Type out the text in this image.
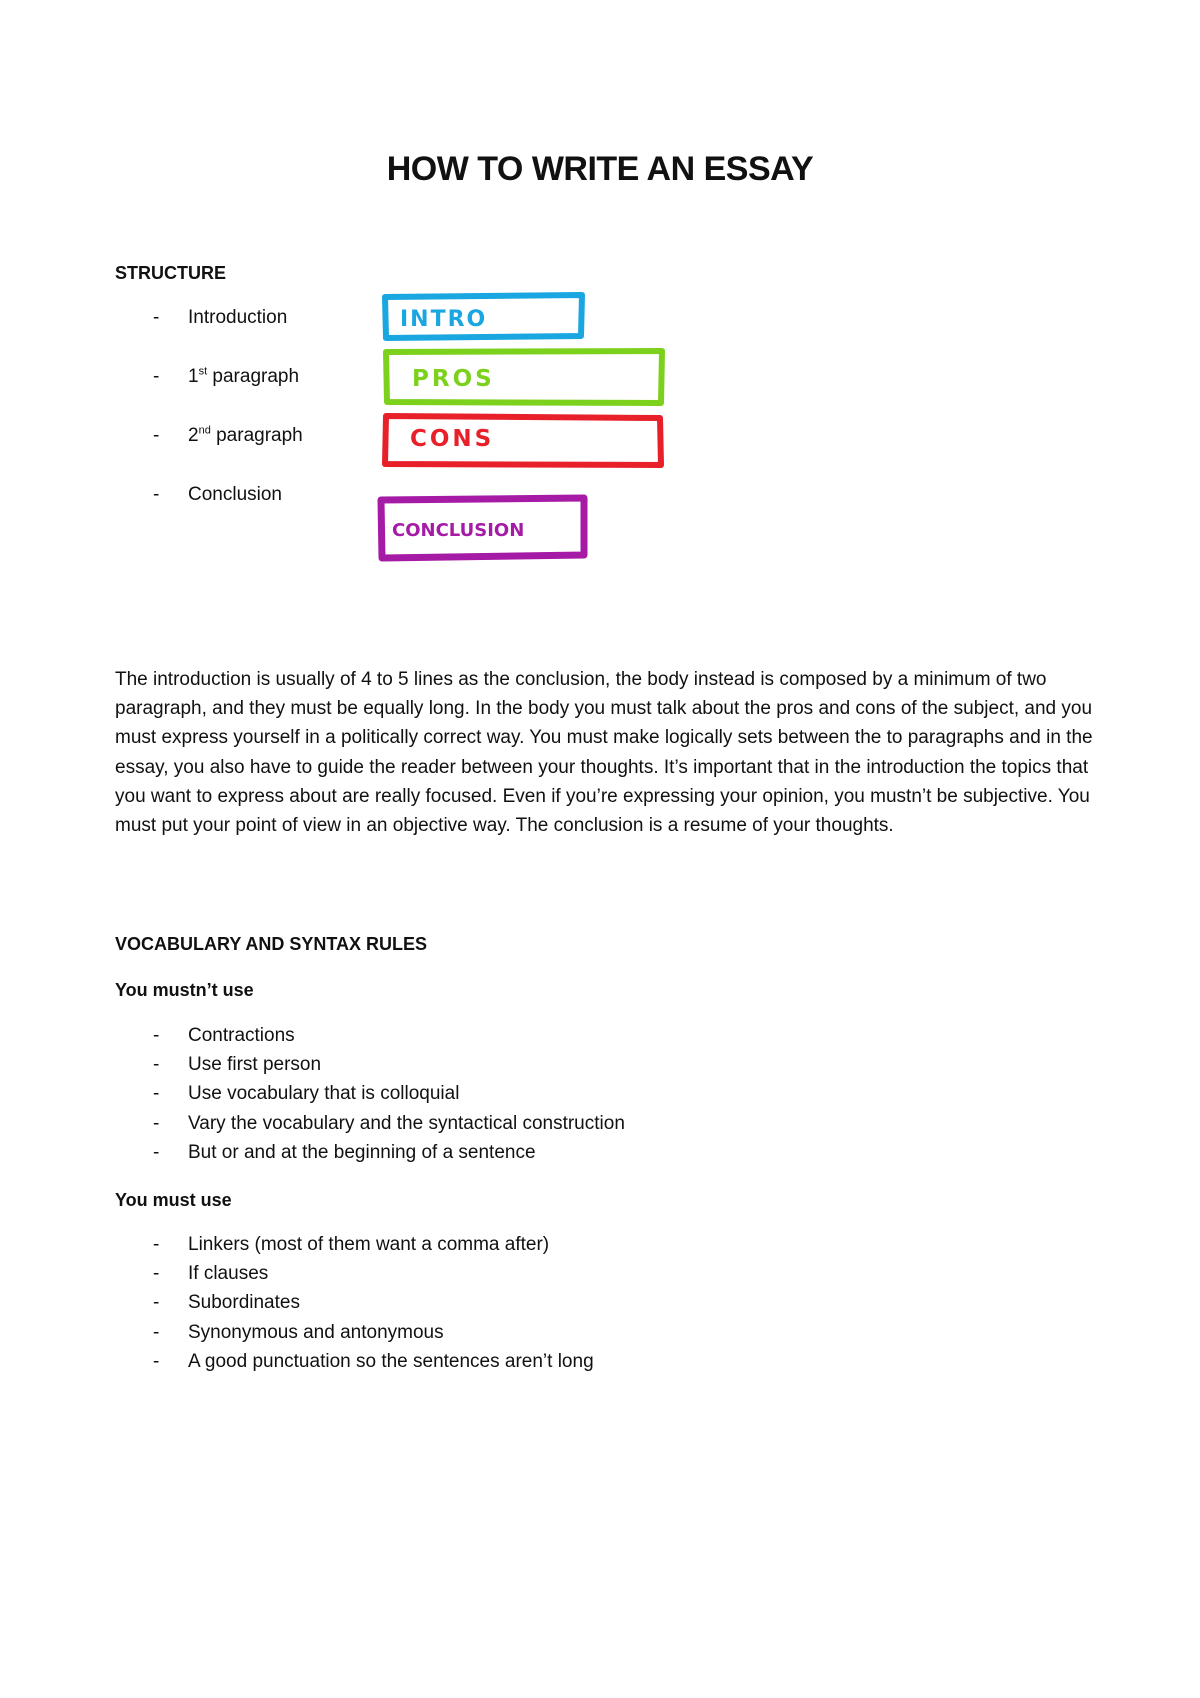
HOW TO WRITE AN ESSAY
STRUCTURE
- Introduction
- 1st paragraph
- 2nd paragraph
- Conclusion
INTRO
PROS
CONS
CONCLUSION

The introduction is usually of 4 to 5 lines as the conclusion, the body instead is composed by a minimum of two paragraph, and they must be equally long. In the body you must talk about the pros and cons of the subject, and you must express yourself in a politically correct way. You must make logically sets between the to paragraphs and in the essay, you also have to guide the reader between your thoughts. It’s important that in the introduction the topics that you want to express about are really focused. Even if you’re expressing your opinion, you mustn’t be subjective. You must put your point of view in an objective way. The conclusion is a resume of your thoughts.

VOCABULARY AND SYNTAX RULES
You mustn’t use
- Contractions
- Use first person
- Use vocabulary that is colloquial
- Vary the vocabulary and the syntactical construction
- But or and at the beginning of a sentence
You must use
- Linkers (most of them want a comma after)
- If clauses
- Subordinates
- Synonymous and antonymous
- A good punctuation so the sentences aren’t long
